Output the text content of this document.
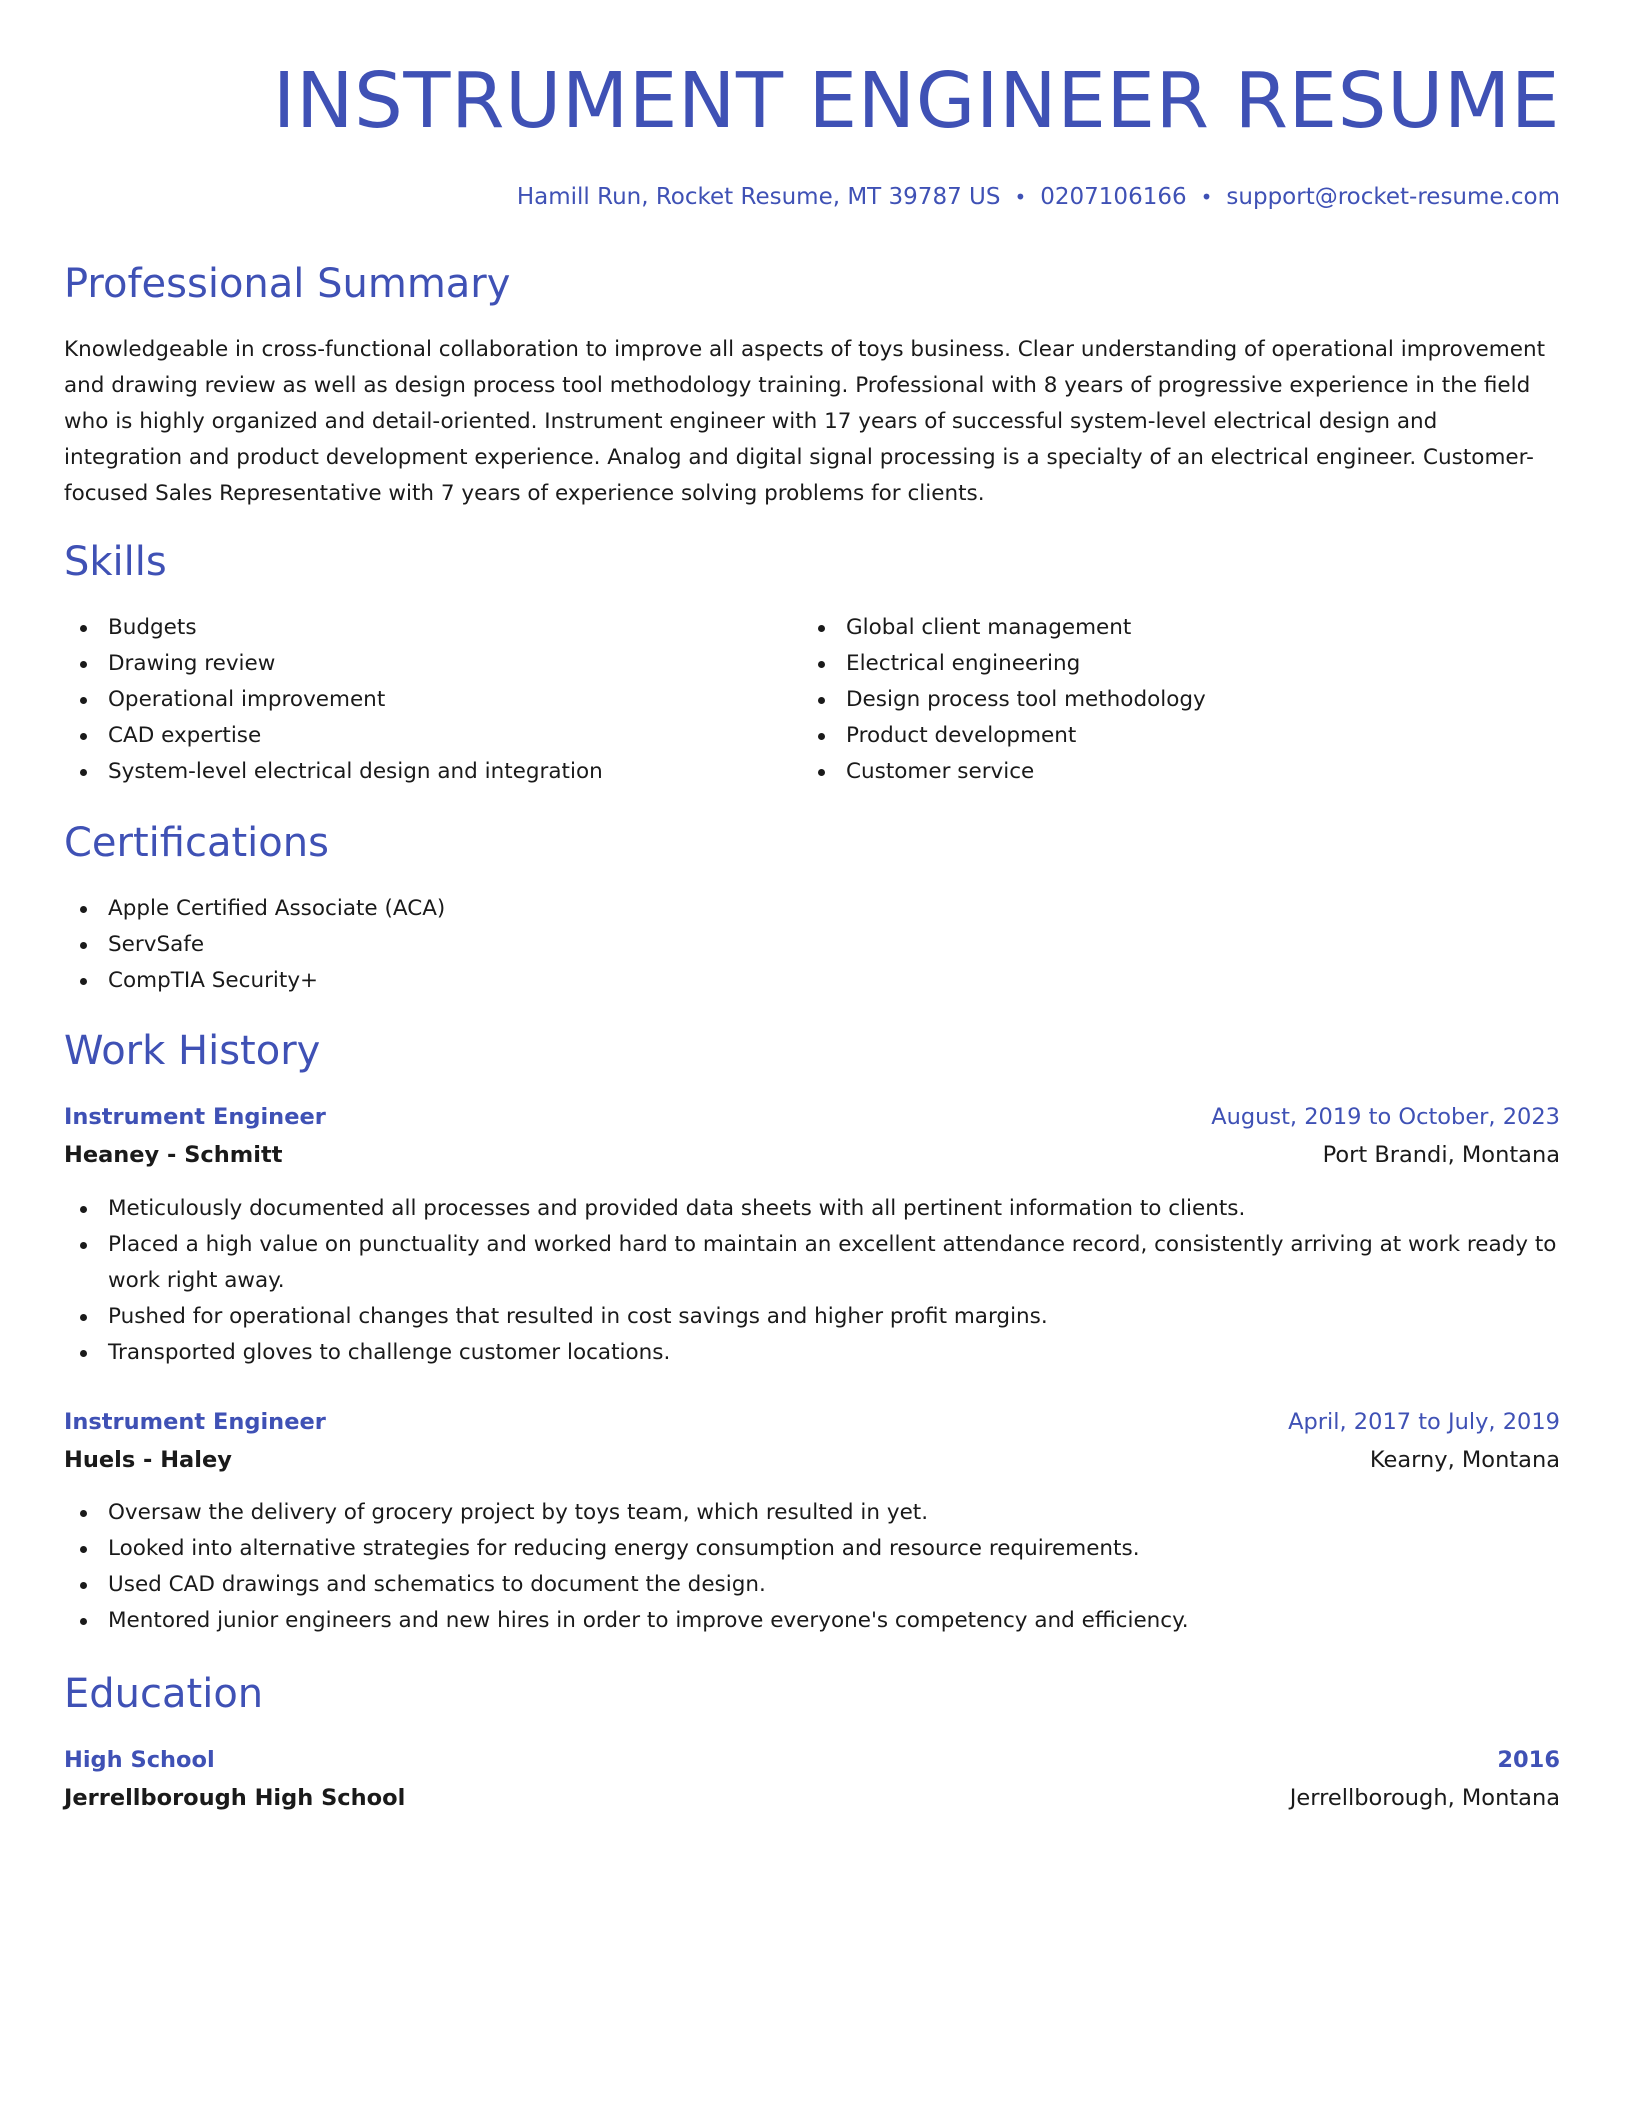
INSTRUMENT ENGINEER RESUME
Hamill Run, Rocket Resume, MT 39787 US • 0207106166 • support@rocket-resume.com
Professional Summary

Knowledgeable in cross-functional collaboration to improve all aspects of toys business. Clear understanding of operational improvement and drawing review as well as design process tool methodology training. Professional with 8 years of progressive experience in the field who is highly organized and detail-oriented. Instrument engineer with 17 years of successful system-level electrical design and integration and product development experience. Analog and digital signal processing is a specialty of an electrical engineer. Customer-focused Sales Representative with 7 years of experience solving problems for clients.

Skills
Budgets
Drawing review
Operational improvement
CAD expertise
System-level electrical design and integration
Global client management
Electrical engineering
Design process tool methodology
Product development
Customer service
Certifications
Apple Certified Associate (ACA)
ServSafe
CompTIA Security+
Work History
Instrument Engineer	August, 2019 to October, 2023
Heaney - Schmitt	Port Brandi, Montana
Meticulously documented all processes and provided data sheets with all pertinent information to clients.
Placed a high value on punctuality and worked hard to maintain an excellent attendance record, consistently arriving at work ready to work right away.
Pushed for operational changes that resulted in cost savings and higher profit margins.
Transported gloves to challenge customer locations.
Instrument Engineer	April, 2017 to July, 2019
Huels - Haley	Kearny, Montana
Oversaw the delivery of grocery project by toys team, which resulted in yet.
Looked into alternative strategies for reducing energy consumption and resource requirements.
Used CAD drawings and schematics to document the design.
Mentored junior engineers and new hires in order to improve everyone's competency and efficiency.
Education
High School	2016
Jerrellborough High School	Jerrellborough, Montana
